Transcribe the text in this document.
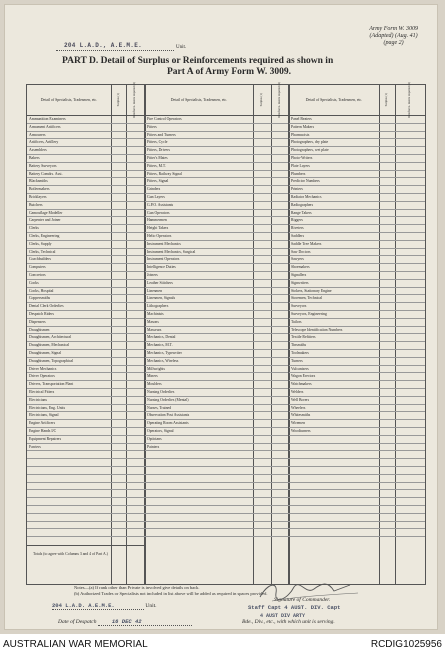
Army Form W. 3009
(Adapted) (Aug. 41)
(page 2)
204 L.A.D., A.E.M.E.	Unit.
PART D. Detail of Surplus or Reinforcements required as shown in
Part A of Army Form W. 3009.
Detail of Specialists, Tradesmen, etc.	Surplus (1)	Reinforce- ments required (2)	Detail of Specialists, Tradesmen, etc.	Surplus (1)	Reinforce- ments required (2)	Detail of Specialists, Tradesmen, etc.	Surplus (1)	Reinforce- ments required (2)
Totals (to agree with Columns 3 and 4 of Part A.)
Ammunition Examiners
Armament Artificers
Armourers
Artificers, Artillery
Assemblers
Bakers
Battery Surveyors
Battery Comdrs. Asst.
Blacksmiths
Boilermakers
Bricklayers
Butchers
Camouflage Modeller
Carpenter and Joiner
Clerks
Clerks, Engineering
Clerks, Supply
Clerks, Technical
Coachbuilders
Computers
Concretors
Cooks
Cooks, Hospital
Coppersmiths
Dental Clerk Orderlies
Despatch Riders
Dispensers
Draughtsmen
Draughtsmen, Architectural
Draughtsmen, Mechanical
Draughtsmen, Signal
Draughtsmen, Topographical
Driver Mechanics
Driver Operators
Drivers, Transportation Plant
Electrical Fitters
Electricians
Electricians, Eng. Units
Electricians, Signal
Engine Artificers
Engine Hands I/C
Equipment Repairers
Farriers
Fire Control Operators
Fitters
Fitters and Turners
Fitters, Cycle
Fitters, Drivers
Fitter's Mates
Fitters, M.T.
Fitters, Railway Signal
Fitters, Signal
Grinders
Gun Layers
G.P.O. Assistants
Gun Operators
Hammermen
Height Takers
Helio Operators
Instrument Mechanics
Instrument Mechanics, Surgical
Instrument Operators
Intelligence Duties
Joiners
Leather Stitchers
Linesmen
Linesmen, Signals
Lithographers
Machinists
Masons
Masseurs
Mechanics, Dental
Mechanics, M.T.
Mechanics, Typewriter
Mechanics, Wireless
Millwrights
Miners
Moulders
Nursing Orderlies
Nursing Orderlies (Mental)
Nurses, Trained
Observation Post Assistants
Operating Room Assistants
Operators, Signal
Opticians
Painters
Panel Beaters
Pattern Makers
Pharmacists
Photographers, dry plate
Photographers, wet plate
Photo-Writers
Plate Layers
Plumbers
Predictor Numbers
Printers
Radiator Mechanics
Radiographers
Range Takers
Riggers
Riveters
Saddlers
Saddle Tree Makers
Saw Doctors
Sawyers
Shoemakers
Signallers
Signwriters
Stokers, Stationary Engine
Storemen, Technical
Surveyors
Surveyors, Engineering
Tailors
Telescope Identification Numbers
Textile Refitters
Tinsmiths
Toolmakers
Turners
Vulcanisers
Wagon Erectors
Watchmakers
Welders
Well Borers
Wheelers
Whitesmiths
Wiremen
Woodturners
Notes—(a) If rank other than Private is involved give details on back.
(b) Authorized Trades or Specialists not included in list above will be added as required in spaces provided.
204 L.A.D. A.E.M.E.	Unit.
Signature of Commander.
Staff Capt 4 AUST. DIV. Capt
4 AUST DIV ARTY
Bde., Div., etc., with which unit is serving.
Date of Despatch	16 DEC 42
AUSTRALIAN WAR MEMORIAL	RCDIG1025956
